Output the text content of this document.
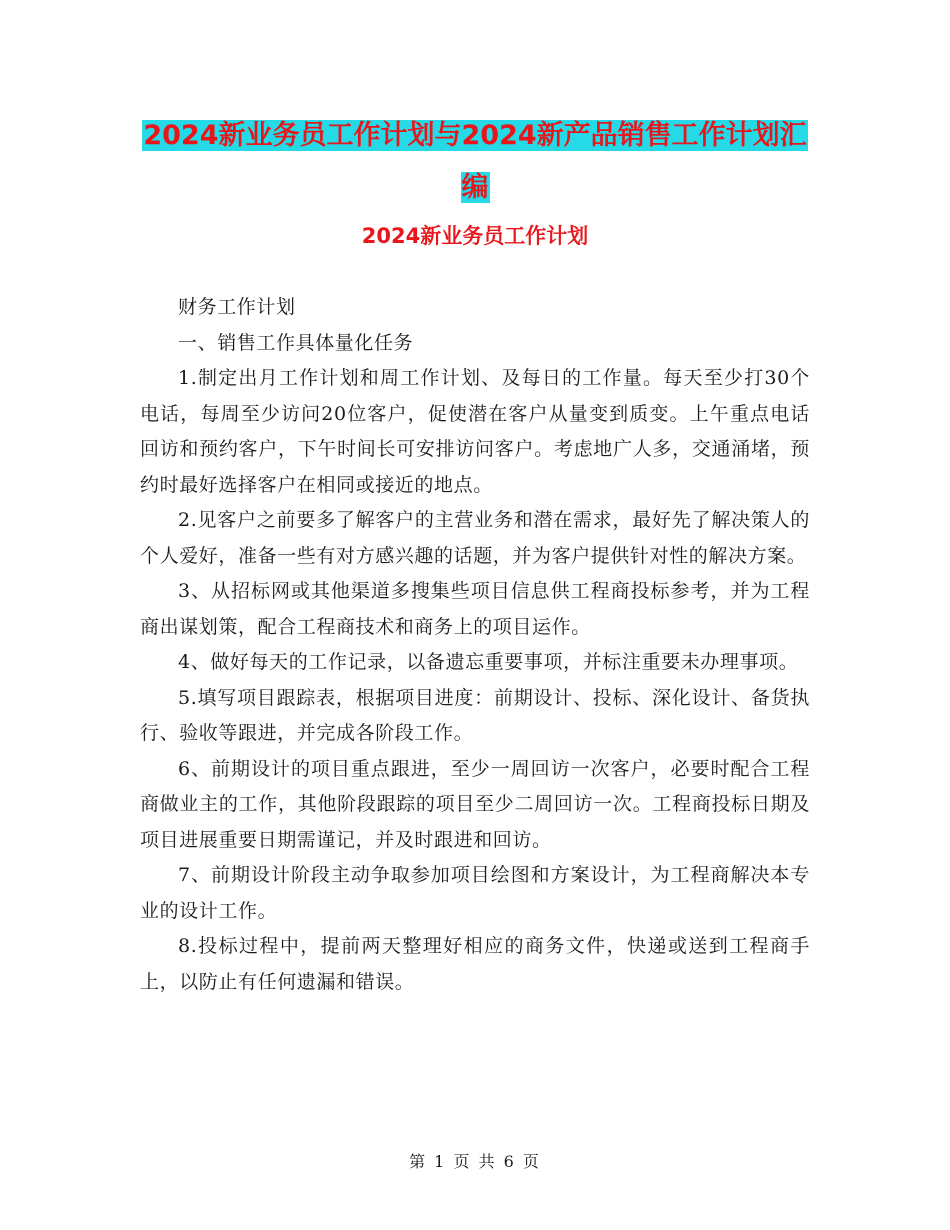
2024新业务员工作计划与2024新产品销售工作计划汇
编
2024新业务员工作计划

财务工作计划

一、销售工作具体量化任务

1.制定出月工作计划和周工作计划、及每日的工作量。每天至少打30个电话，每周至少访问20位客户，促使潜在客户从量变到质变。上午重点电话回访和预约客户，下午时间长可安排访问客户。考虑地广人多，交通涌堵，预约时最好选择客户在相同或接近的地点。

2.见客户之前要多了解客户的主营业务和潜在需求，最好先了解决策人的个人爱好，准备一些有对方感兴趣的话题，并为客户提供针对性的解决方案。

3、从招标网或其他渠道多搜集些项目信息供工程商投标参考，并为工程商出谋划策，配合工程商技术和商务上的项目运作。

4、做好每天的工作记录，以备遗忘重要事项，并标注重要未办理事项。

5.填写项目跟踪表，根据项目进度：前期设计、投标、深化设计、备货执行、验收等跟进，并完成各阶段工作。

6、前期设计的项目重点跟进，至少一周回访一次客户，必要时配合工程商做业主的工作，其他阶段跟踪的项目至少二周回访一次。工程商投标日期及项目进展重要日期需谨记，并及时跟进和回访。

7、前期设计阶段主动争取参加项目绘图和方案设计，为工程商解决本专业的设计工作。

8.投标过程中，提前两天整理好相应的商务文件，快递或送到工程商手上，以防止有任何遗漏和错误。

第 1 页 共 6 页
